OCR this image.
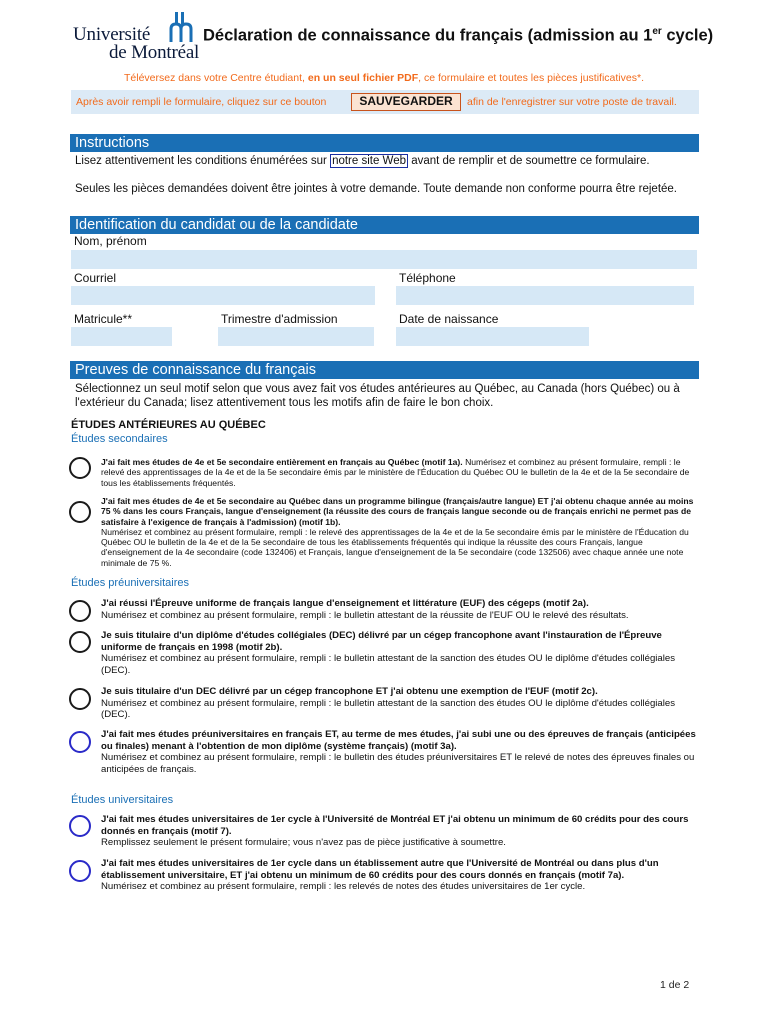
Université
de Montréal
Déclaration de connaissance du français (admission au 1er cycle)
Téléversez dans votre Centre étudiant, en un seul fichier PDF, ce formulaire et toutes les pièces justificatives*.
Après avoir rempli le formulaire, cliquez sur ce bouton	SAUVEGARDER	afin de l'enregistrer sur votre poste de travail.
Instructions
Lisez attentivement les conditions énumérées sur notre site Web avant de remplir et de soumettre ce formulaire.
Seules les pièces demandées doivent être jointes à votre demande. Toute demande non conforme pourra être rejetée.
Identification du candidat ou de la candidate
Nom, prénom
Courriel	Téléphone
Matricule**	Trimestre d'admission	Date de naissance
Preuves de connaissance du français
Sélectionnez un seul motif selon que vous avez fait vos études antérieures au Québec, au Canada (hors Québec) ou à l'extérieur du Canada; lisez attentivement tous les motifs afin de faire le bon choix.
ÉTUDES ANTÉRIEURES AU QUÉBEC
Études secondaires
J'ai fait mes études de 4e et 5e secondaire entièrement en français au Québec (motif 1a). Numérisez et combinez au présent formulaire, rempli : le relevé des apprentissages de la 4e et de la 5e secondaire émis par le ministère de l'Éducation du Québec OU le bulletin de la 4e et de la 5e secondaire de tous les établissements fréquentés.
J'ai fait mes études de 4e et 5e secondaire au Québec dans un programme bilingue (français/autre langue) ET j'ai obtenu chaque année au moins 75 % dans les cours Français, langue d'enseignement (la réussite des cours de français langue seconde ou de français enrichi ne permet pas de satisfaire à l'exigence de français à l'admission) (motif 1b).
Numérisez et combinez au présent formulaire, rempli : le relevé des apprentissages de la 4e et de la 5e secondaire émis par le ministère de l'Éducation du Québec OU le bulletin de la 4e et de la 5e secondaire de tous les établissements fréquentés qui indique la réussite des cours Français, langue d'enseignement de la 4e secondaire (code 132406) et Français, langue d'enseignement de la 5e secondaire (code 132506) avec chaque année une note minimale de 75 %.
Études préuniversitaires
J'ai réussi l'Épreuve uniforme de français langue d'enseignement et littérature (EUF) des cégeps (motif 2a).
Numérisez et combinez au présent formulaire, rempli : le bulletin attestant de la réussite de l'EUF OU le relevé des résultats.
Je suis titulaire d'un diplôme d'études collégiales (DEC) délivré par un cégep francophone avant l'instauration de l'Épreuve uniforme de français en 1998 (motif 2b).
Numérisez et combinez au présent formulaire, rempli : le bulletin attestant de la sanction des études OU le diplôme d'études collégiales (DEC).
Je suis titulaire d'un DEC délivré par un cégep francophone ET j'ai obtenu une exemption de l'EUF (motif 2c).
Numérisez et combinez au présent formulaire, rempli : le bulletin attestant de la sanction des études OU le diplôme d'études collégiales (DEC).
J'ai fait mes études préuniversitaires en français ET, au terme de mes études, j'ai subi une ou des épreuves de français (anticipées ou finales) menant à l'obtention de mon diplôme (système français) (motif 3a).
Numérisez et combinez au présent formulaire, rempli : le bulletin des études préuniversitaires ET le relevé de notes des épreuves finales ou anticipées de français.
Études universitaires
J'ai fait mes études universitaires de 1er cycle à l'Université de Montréal ET j'ai obtenu un minimum de 60 crédits pour des cours donnés en français (motif 7).
Remplissez seulement le présent formulaire; vous n'avez pas de pièce justificative à soumettre.
J'ai fait mes études universitaires de 1er cycle dans un établissement autre que l'Université de Montréal ou dans plus d'un établissement universitaire, ET j'ai obtenu un minimum de 60 crédits pour des cours donnés en français (motif 7a).
Numérisez et combinez au présent formulaire, rempli : les relevés de notes des études universitaires de 1er cycle.
1 de 2
